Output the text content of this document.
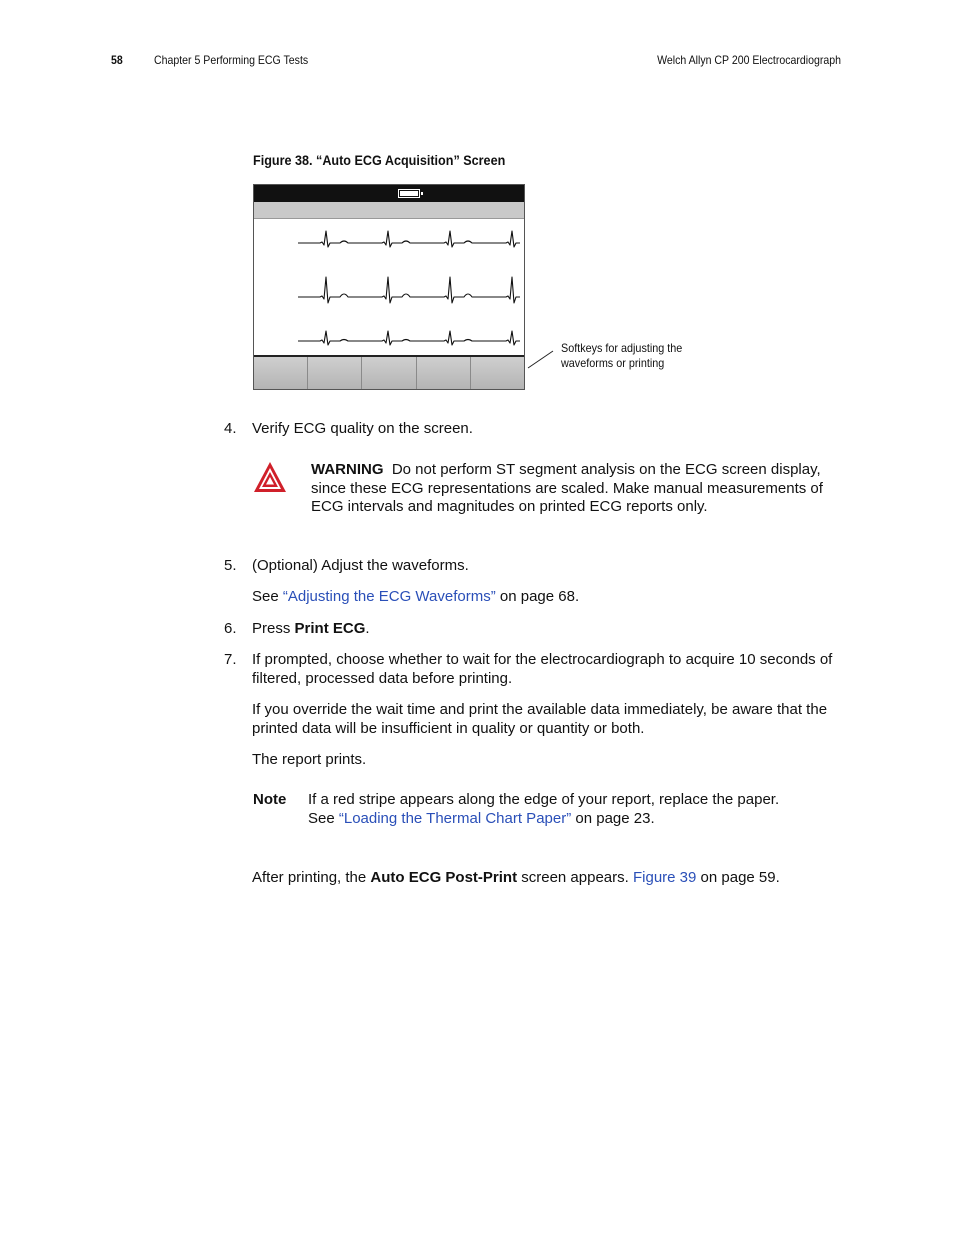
58	Chapter 5 Performing ECG Tests	Welch Allyn CP 200 Electrocardiograph
Figure 38. “Auto ECG Acquisition” Screen
Softkeys for adjusting the
waveforms or printing
4. Verify ECG quality on the screen.
WARNING Do not perform ST segment analysis on the ECG screen display, since these ECG representations are scaled. Make manual measurements of ECG intervals and magnitudes on printed ECG reports only.
5. (Optional) Adjust the waveforms.
See “Adjusting the ECG Waveforms” on page 68.
6. Press Print ECG.
7. If prompted, choose whether to wait for the electrocardiograph to acquire 10 seconds of filtered, processed data before printing.
If you override the wait time and print the available data immediately, be aware that the printed data will be insufficient in quality or quantity or both.
The report prints.
Note If a red stripe appears along the edge of your report, replace the paper.
See “Loading the Thermal Chart Paper” on page 23.
After printing, the Auto ECG Post-Print screen appears. Figure 39 on page 59.
